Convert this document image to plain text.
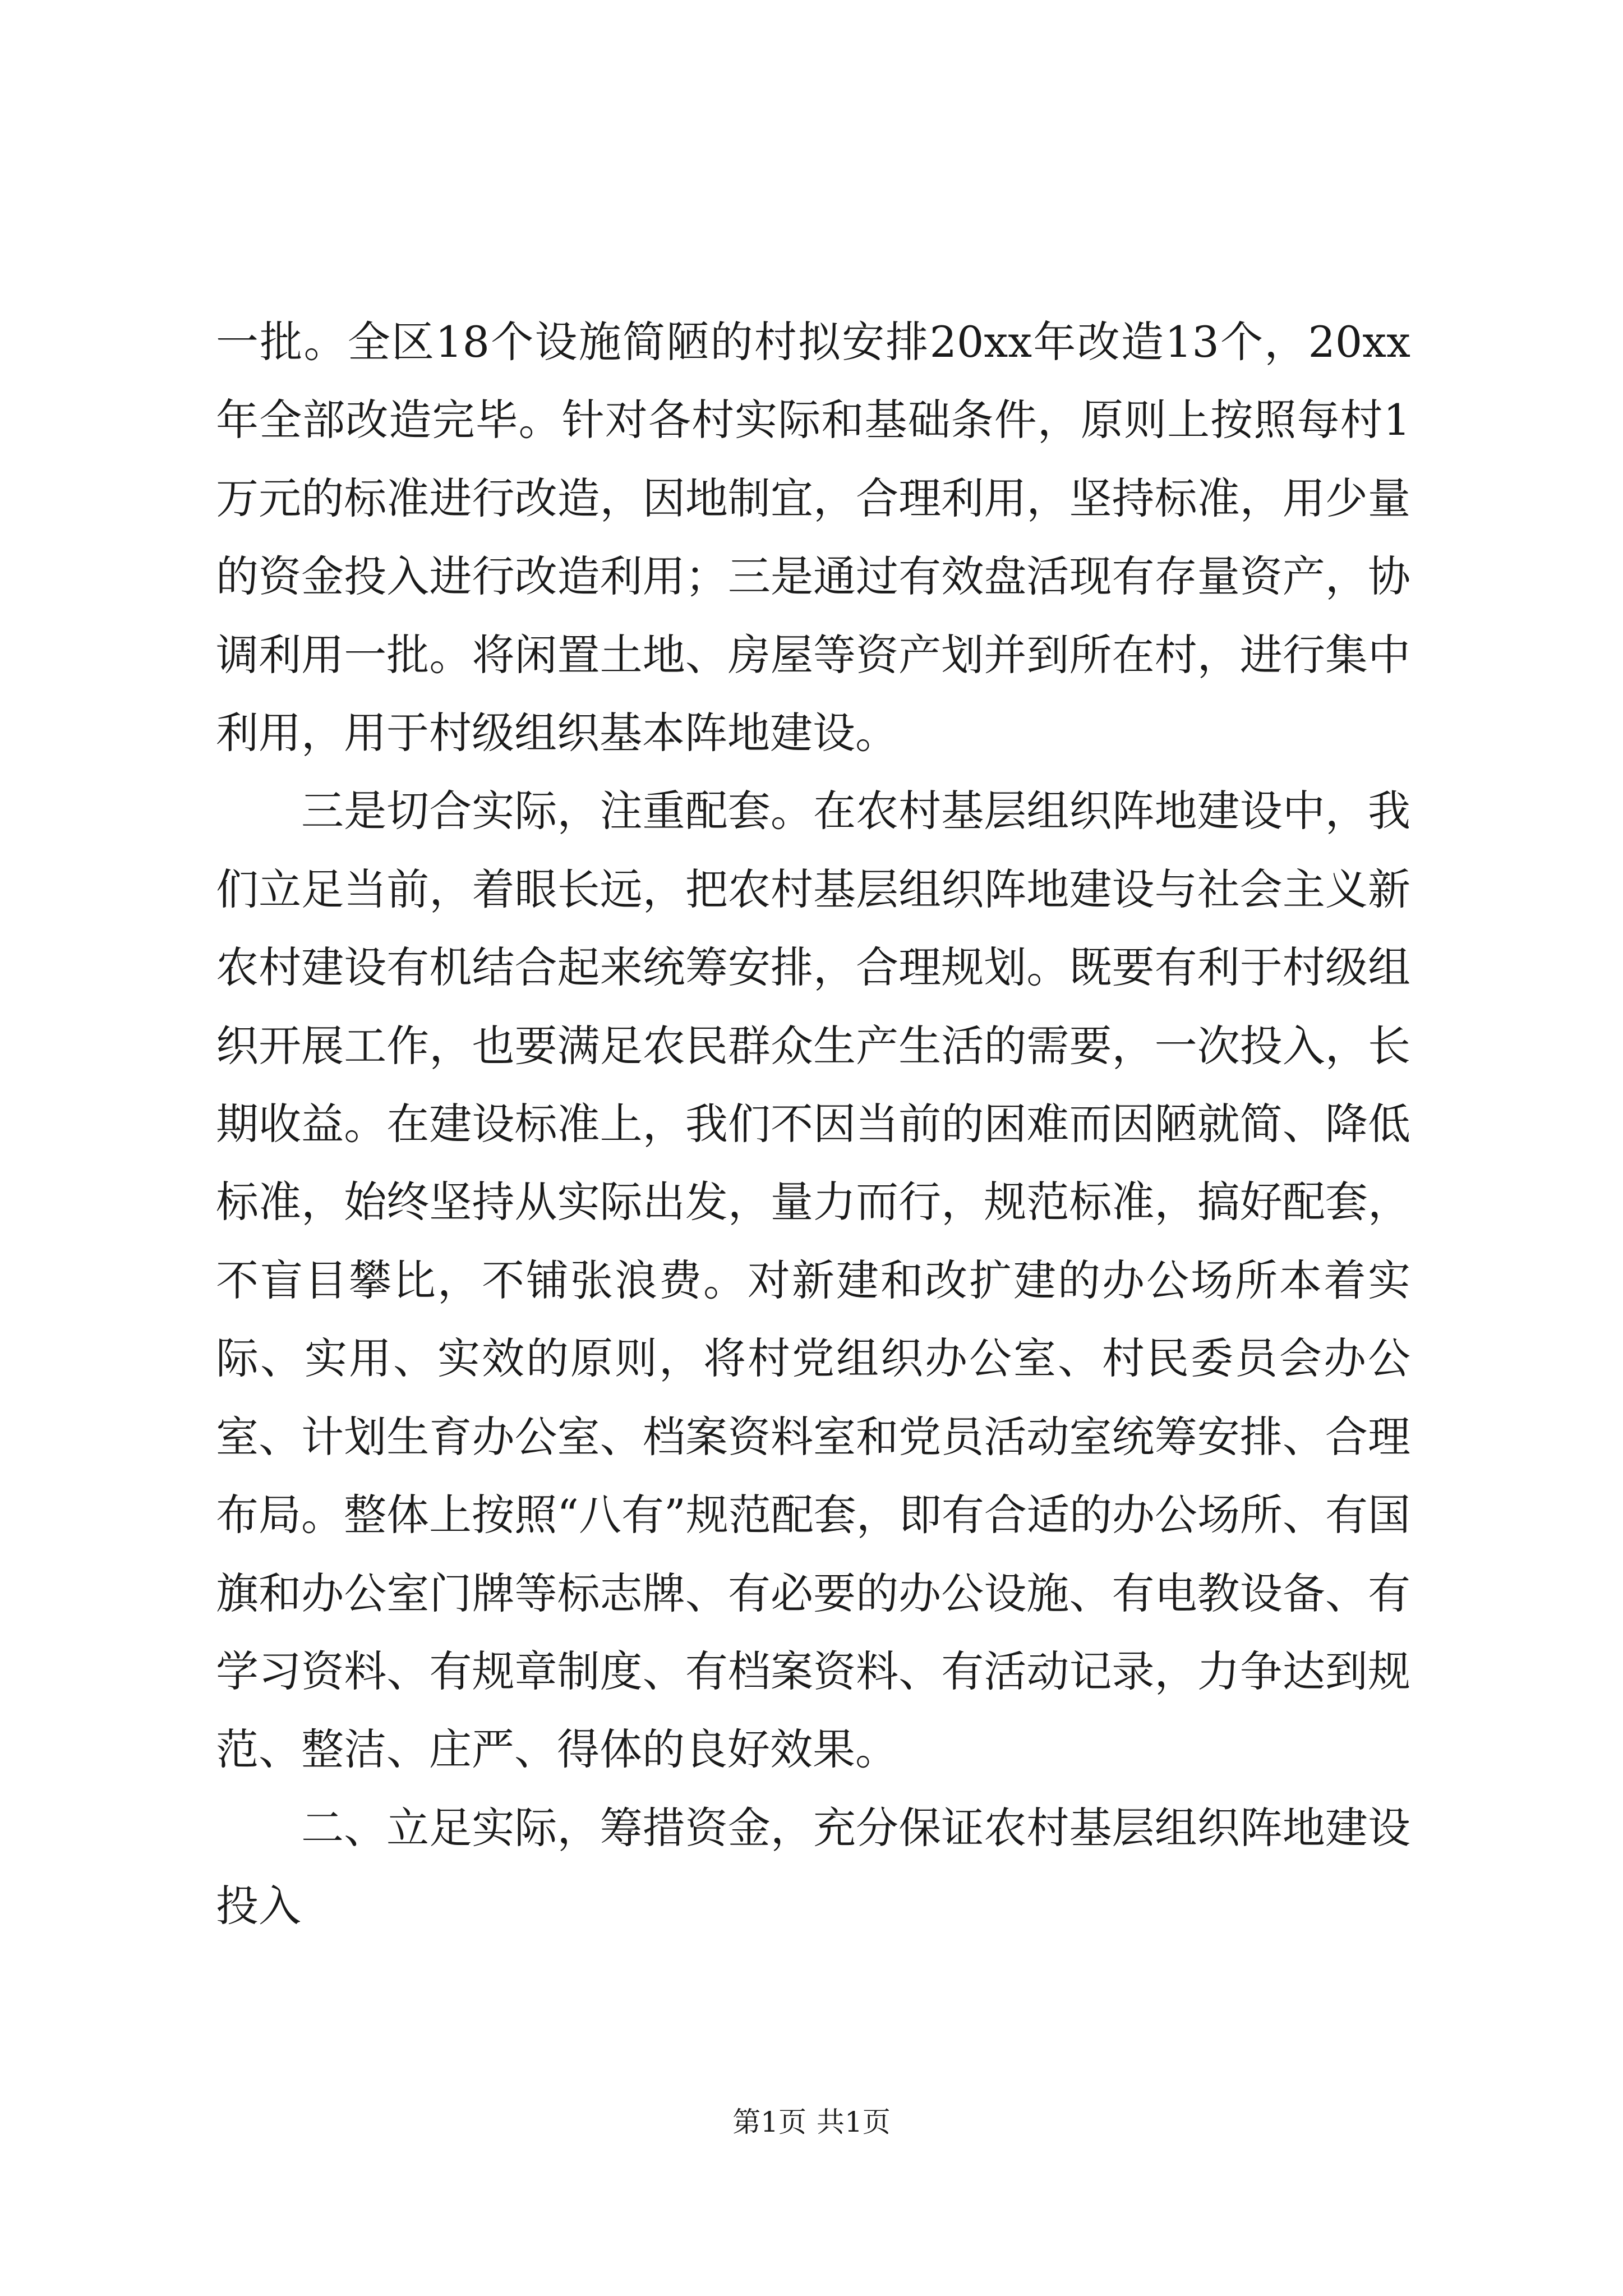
一批。全区18个设施简陋的村拟安排20xx年改造13个，20xx年全部改造完毕。针对各村实际和基础条件，原则上按照每村1万元的标准进行改造，因地制宜，合理利用，坚持标准，用少量的资金投入进行改造利用；三是通过有效盘活现有存量资产，协调利用一批。将闲置土地、房屋等资产划并到所在村，进行集中利用，用于村级组织基本阵地建设。

三是切合实际，注重配套。在农村基层组织阵地建设中，我们立足当前，着眼长远，把农村基层组织阵地建设与社会主义新农村建设有机结合起来统筹安排，合理规划。既要有利于村级组织开展工作，也要满足农民群众生产生活的需要，一次投入，长期收益。在建设标准上，我们不因当前的困难而因陋就简、降低标准，始终坚持从实际出发，量力而行，规范标准，搞好配套，不盲目攀比，不铺张浪费。对新建和改扩建的办公场所本着实际、实用、实效的原则，将村党组织办公室、村民委员会办公室、计划生育办公室、档案资料室和党员活动室统筹安排、合理布局。整体上按照“八有”规范配套，即有合适的办公场所、有国旗和办公室门牌等标志牌、有必要的办公设施、有电教设备、有学习资料、有规章制度、有档案资料、有活动记录，力争达到规范、整洁、庄严、得体的良好效果。

二、立足实际，筹措资金，充分保证农村基层组织阵地建设投入

第1页 共1页
